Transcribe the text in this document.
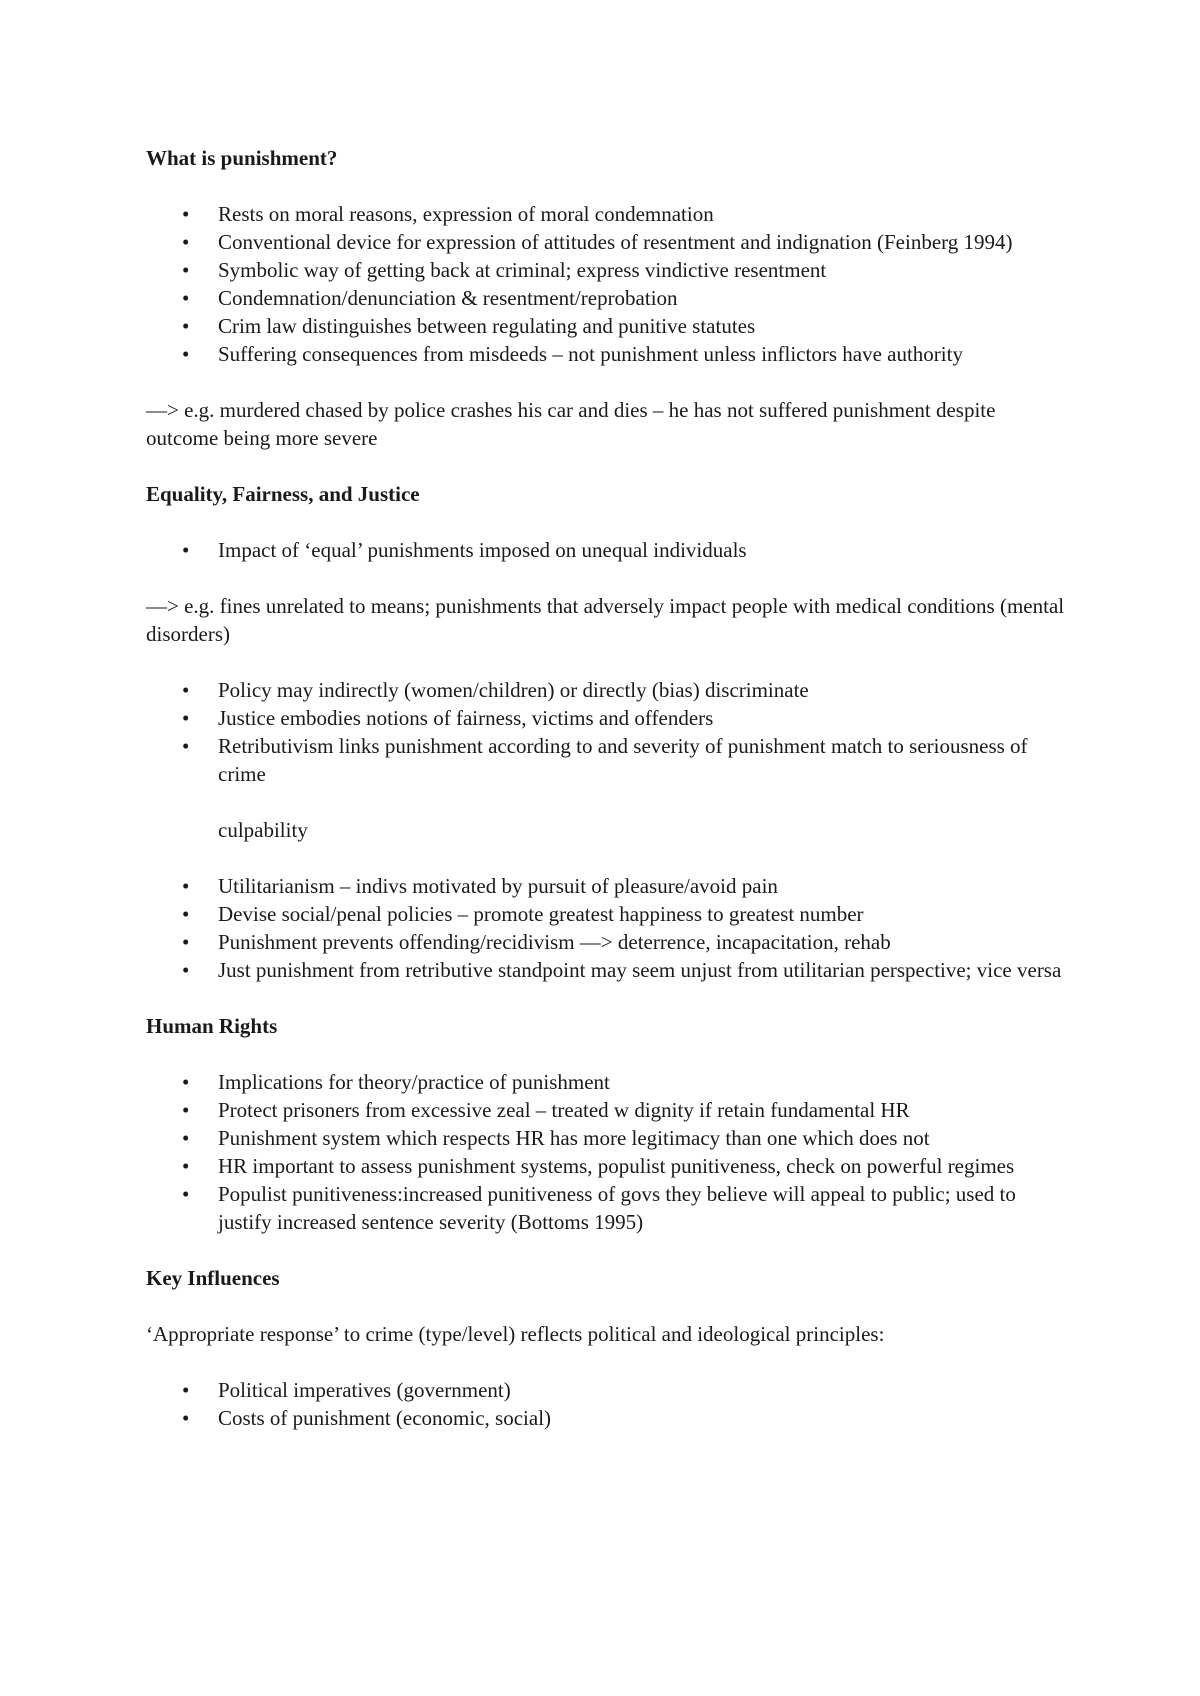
What is punishment?
• Rests on moral reasons, expression of moral condemnation
• Conventional device for expression of attitudes of resentment and indignation (Feinberg 1994)
• Symbolic way of getting back at criminal; express vindictive resentment
• Condemnation/denunciation & resentment/reprobation
• Crim law distinguishes between regulating and punitive statutes
• Suffering consequences from misdeeds – not punishment unless inflictors have authority

—> e.g. murdered chased by police crashes his car and dies – he has not suffered punishment despite outcome being more severe

Equality, Fairness, and Justice
• Impact of ‘equal’ punishments imposed on unequal individuals

—> e.g. fines unrelated to means; punishments that adversely impact people with medical conditions (mental disorders)

• Policy may indirectly (women/children) or directly (bias) discriminate
• Justice embodies notions of fairness, victims and offenders
• Retributivism links punishment according to and severity of punishment match to seriousness of crime

culpability

• Utilitarianism – indivs motivated by pursuit of pleasure/avoid pain
• Devise social/penal policies – promote greatest happiness to greatest number
• Punishment prevents offending/recidivism —> deterrence, incapacitation, rehab
• Just punishment from retributive standpoint may seem unjust from utilitarian perspective; vice versa
Human Rights
• Implications for theory/practice of punishment
• Protect prisoners from excessive zeal – treated w dignity if retain fundamental HR
• Punishment system which respects HR has more legitimacy than one which does not
• HR important to assess punishment systems, populist punitiveness, check on powerful regimes
• Populist punitiveness:increased punitiveness of govs they believe will appeal to public; used to justify increased sentence severity (Bottoms 1995)
Key Influences

‘Appropriate response’ to crime (type/level) reflects political and ideological principles:

• Political imperatives (government)
• Costs of punishment (economic, social)
